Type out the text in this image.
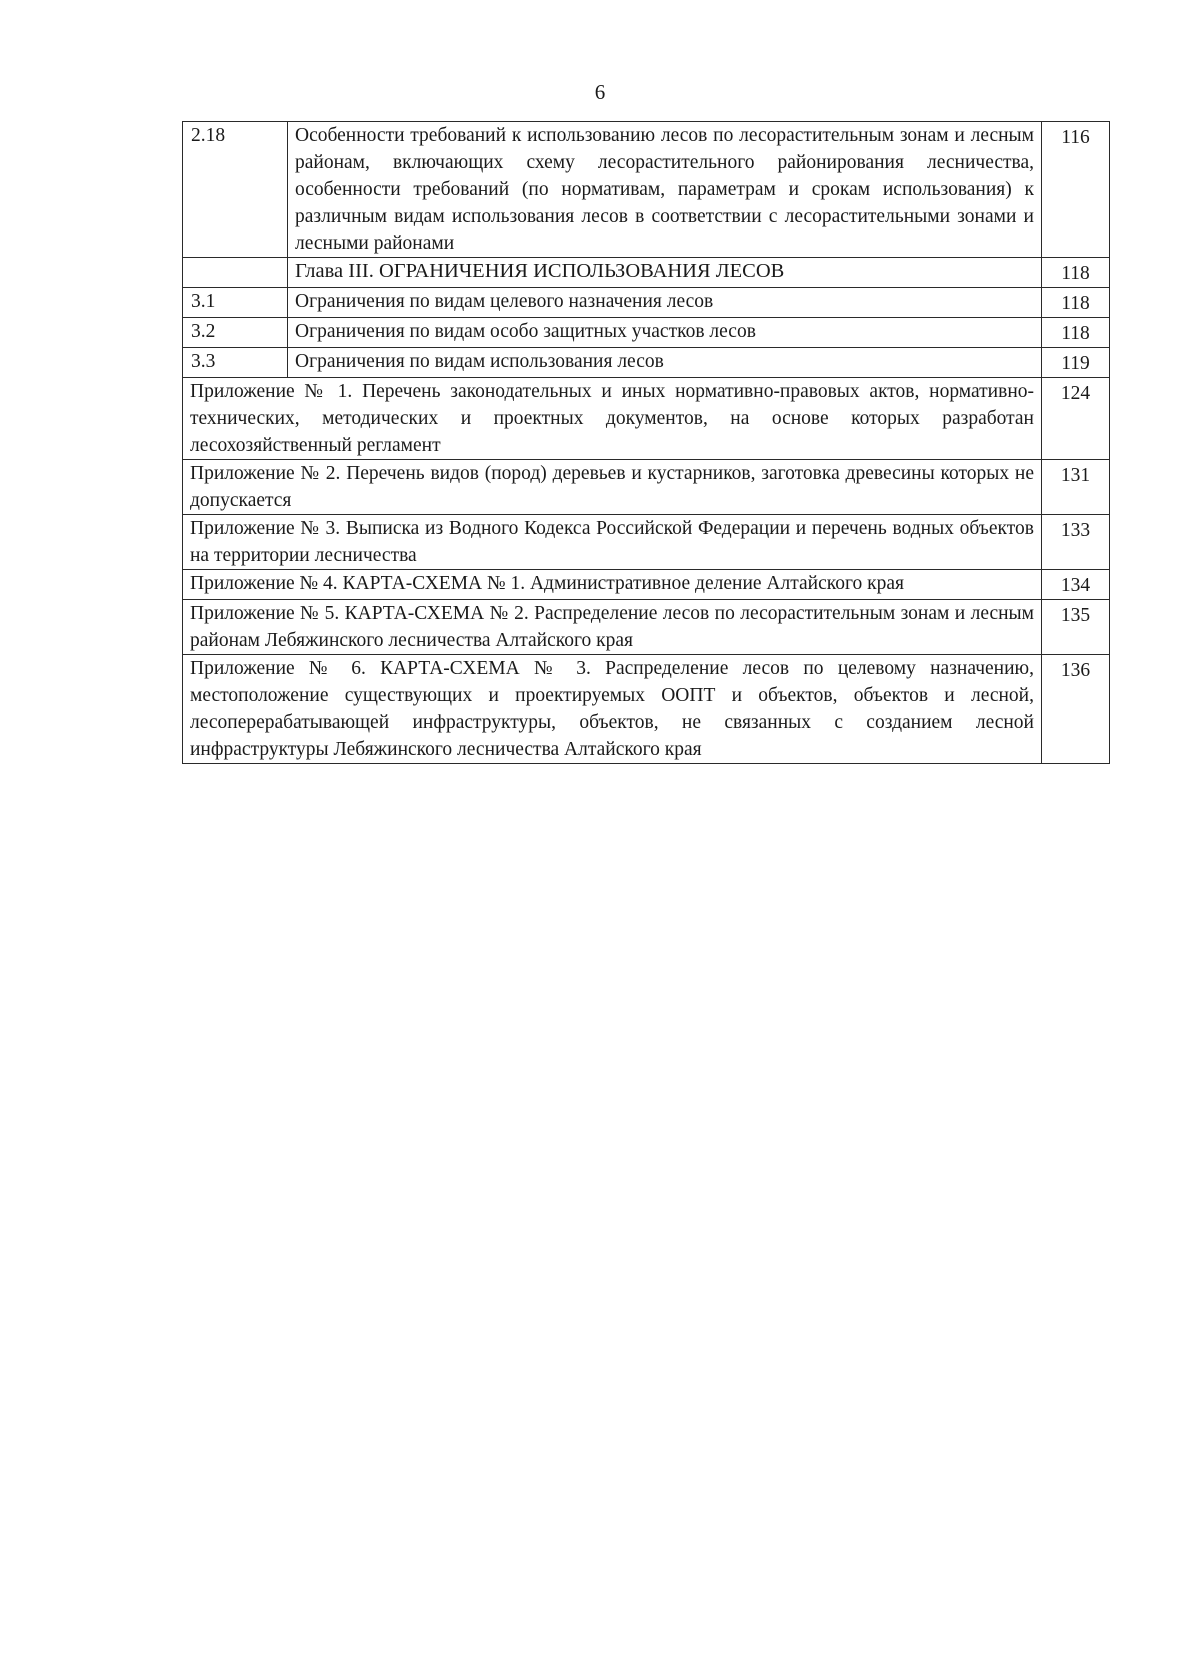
6
2.18	Особенности требований к использованию лесов по лесорастительным зонам и лесным районам, включающих схему лесорастительного районирования лесничества, особенности требований (по нормативам, параметрам и срокам использования) к различным видам использования лесов в соответствии с лесорастительными зонами и лесными районами	116
	Глава III. ОГРАНИЧЕНИЯ ИСПОЛЬЗОВАНИЯ ЛЕСОВ	118
3.1	Ограничения по видам целевого назначения лесов	118
3.2	Ограничения по видам особо защитных участков лесов	118
3.3	Ограничения по видам использования лесов	119
Приложение № 1. Перечень законодательных и иных нормативно-правовых актов, нормативно-технических, методических и проектных документов, на основе которых разработан лесохозяйственный регламент		124
Приложение № 2. Перечень видов (пород) деревьев и кустарников, заготовка древесины которых не допускается		131
Приложение № 3. Выписка из Водного Кодекса Российской Федерации и перечень водных объектов на территории лесничества		133
Приложение № 4. КАРТА-СХЕМА № 1. Административное деление Алтайского края		134
Приложение № 5. КАРТА-СХЕМА № 2. Распределение лесов по лесорастительным зонам и лесным районам Лебяжинского лесничества Алтайского края		135
Приложение № 6. КАРТА-СХЕМА № 3. Распределение лесов по целевому назначению, местоположение существующих и проектируемых ООПТ и объектов, объектов и лесной, лесоперерабатывающей инфраструктуры, объектов, не связанных с созданием лесной инфраструктуры Лебяжинского лесничества Алтайского края		136
